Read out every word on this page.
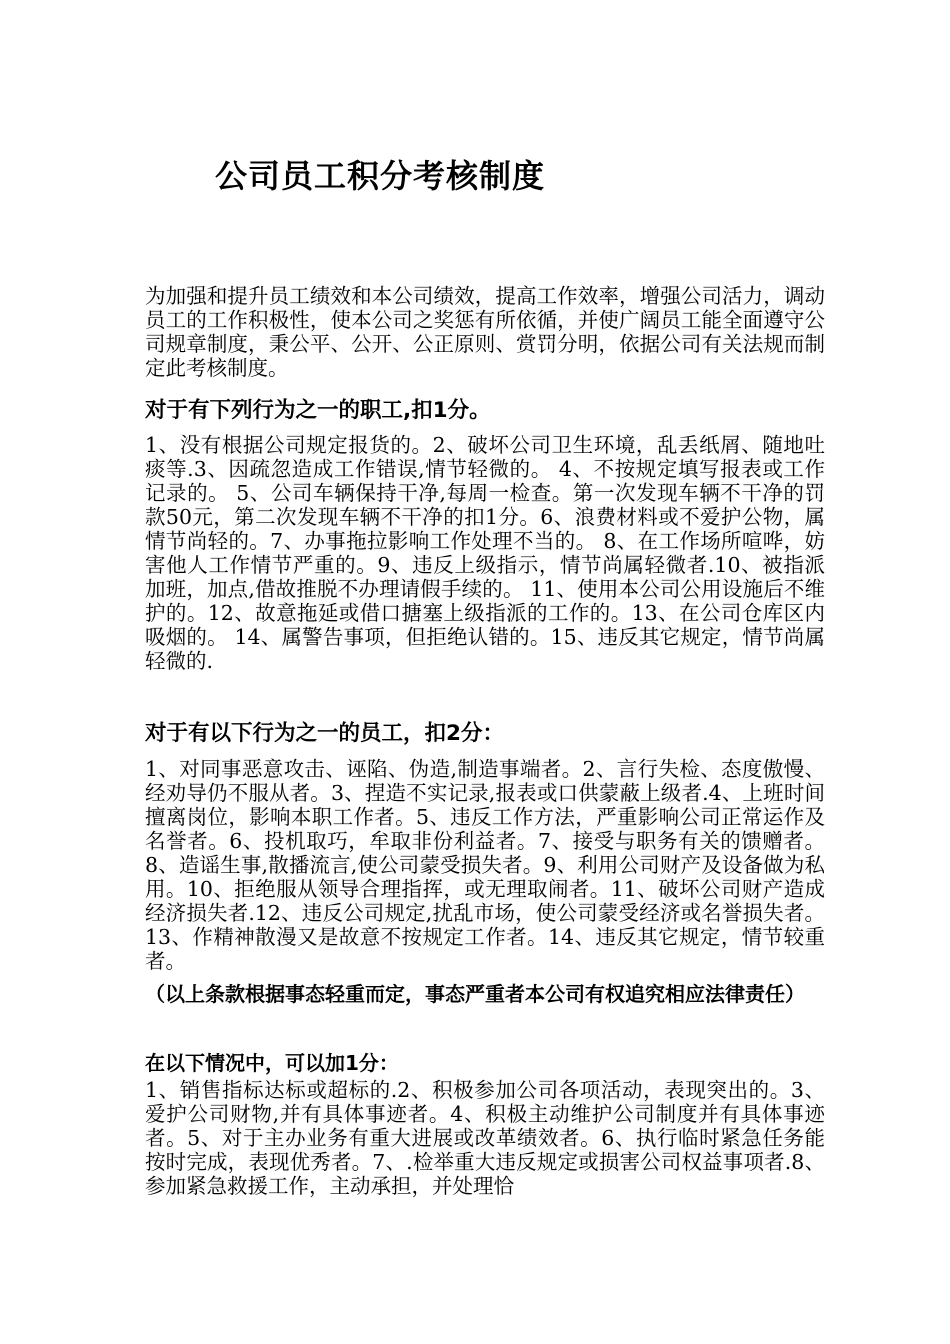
公司员工积分考核制度

为加强和提升员工绩效和本公司绩效，提高工作效率，增强公司活力，调动员工的工作积极性，使本公司之奖惩有所依循，并使广阔员工能全面遵守公司规章制度，秉公平、公开、公正原则、赏罚分明，依据公司有关法规而制定此考核制度。

对于有下列行为之一的职工,扣1分。

1、没有根据公司规定报货的。2、破坏公司卫生环境，乱丢纸屑、随地吐痰等.3、因疏忽造成工作错误,情节轻微的。 4、不按规定填写报表或工作记录的。 5、公司车辆保持干净,每周一检查。第一次发现车辆不干净的罚款50元，第二次发现车辆不干净的扣1分。6、浪费材料或不爱护公物，属情节尚轻的。7、办事拖拉影响工作处理不当的。 8、在工作场所喧哗，妨害他人工作情节严重的。9、违反上级指示，情节尚属轻微者.10、被指派加班，加点,借故推脱不办理请假手续的。 11、使用本公司公用设施后不维护的。12、故意拖延或借口搪塞上级指派的工作的。13、在公司仓库区内吸烟的。 14、属警告事项，但拒绝认错的。15、违反其它规定，情节尚属轻微的.

对于有以下行为之一的员工，扣2分：

1、对同事恶意攻击、诬陷、伪造,制造事端者。2、言行失检、态度傲慢、经劝导仍不服从者。3、捏造不实记录,报表或口供蒙蔽上级者.4、上班时间擅离岗位，影响本职工作者。5、违反工作方法，严重影响公司正常运作及名誉者。6、投机取巧，牟取非份利益者。7、接受与职务有关的馈赠者。 8、造谣生事,散播流言,使公司蒙受损失者。9、利用公司财产及设备做为私用。10、拒绝服从领导合理指挥，或无理取闹者。11、破坏公司财产造成经济损失者.12、违反公司规定,扰乱市场，使公司蒙受经济或名誉损失者。13、作精神散漫又是故意不按规定工作者。14、违反其它规定，情节较重者。

（以上条款根据事态轻重而定，事态严重者本公司有权追究相应法律责任）

在以下情况中，可以加1分：

1、销售指标达标或超标的.2、积极参加公司各项活动，表现突出的。3、爱护公司财物,并有具体事迹者。4、积极主动维护公司制度并有具体事迹者。5、对于主办业务有重大进展或改革绩效者。6、执行临时紧急任务能按时完成，表现优秀者。7、.检举重大违反规定或损害公司权益事项者.8、参加紧急救援工作，主动承担，并处理恰
